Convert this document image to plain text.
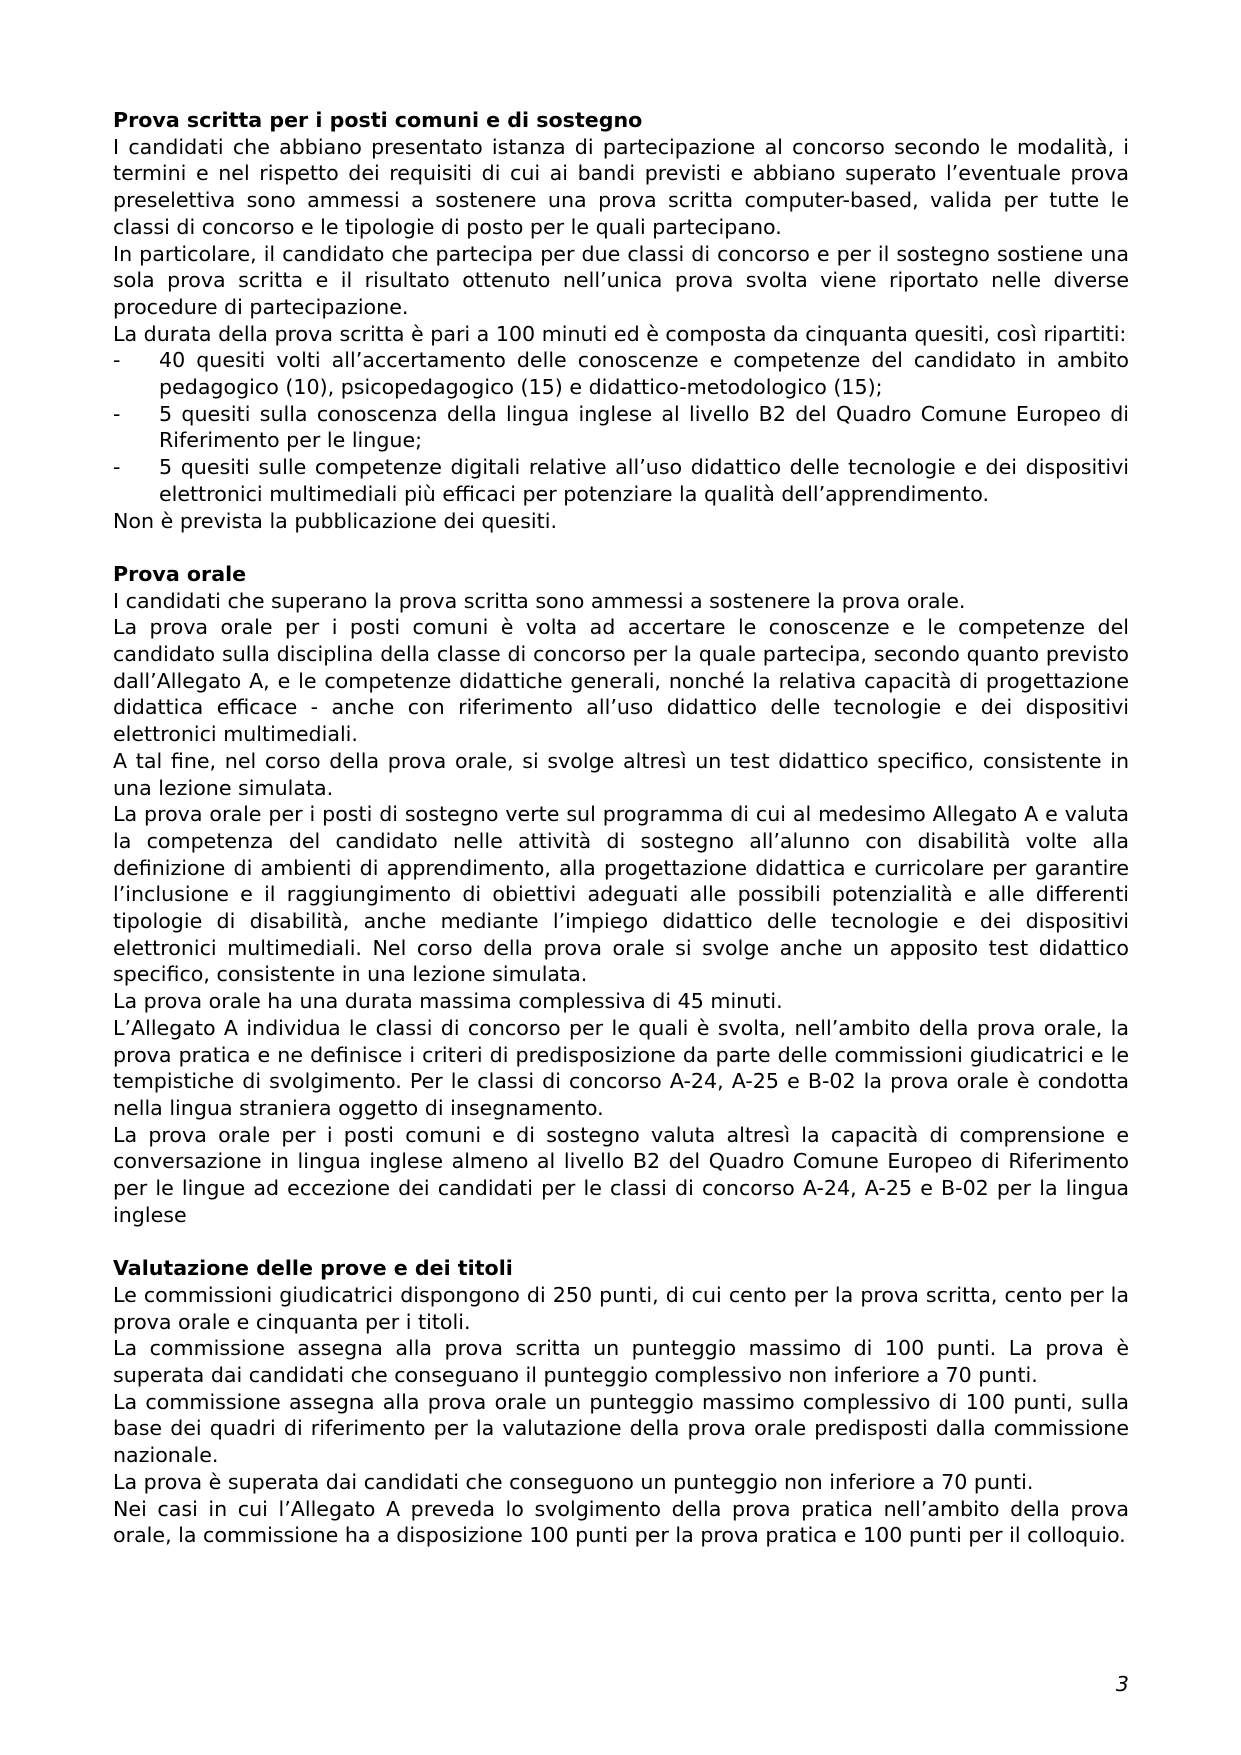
Prova scritta per i posti comuni e di sostegno

I candidati che abbiano presentato istanza di partecipazione al concorso secondo le modalità, i termini e nel rispetto dei requisiti di cui ai bandi previsti e abbiano superato l’eventuale prova preselettiva sono ammessi a sostenere una prova scritta computer-based, valida per tutte le classi di concorso e le tipologie di posto per le quali partecipano.

In particolare, il candidato che partecipa per due classi di concorso e per il sostegno sostiene una sola prova scritta e il risultato ottenuto nell’unica prova svolta viene riportato nelle diverse procedure di partecipazione.

La durata della prova scritta è pari a 100 minuti ed è composta da cinquanta quesiti, così ripartiti:

- 40 quesiti volti all’accertamento delle conoscenze e competenze del candidato in ambito pedagogico (10), psicopedagogico (15) e didattico-metodologico (15);
- 5 quesiti sulla conoscenza della lingua inglese al livello B2 del Quadro Comune Europeo di Riferimento per le lingue;
- 5 quesiti sulle competenze digitali relative all’uso didattico delle tecnologie e dei dispositivi elettronici multimediali più efficaci per potenziare la qualità dell’apprendimento.

Non è prevista la pubblicazione dei quesiti.

Prova orale

I candidati che superano la prova scritta sono ammessi a sostenere la prova orale.

La prova orale per i posti comuni è volta ad accertare le conoscenze e le competenze del candidato sulla disciplina della classe di concorso per la quale partecipa, secondo quanto previsto dall’Allegato A, e le competenze didattiche generali, nonché la relativa capacità di progettazione didattica efficace - anche con riferimento all’uso didattico delle tecnologie e dei dispositivi elettronici multimediali.

A tal fine, nel corso della prova orale, si svolge altresì un test didattico specifico, consistente in una lezione simulata.

La prova orale per i posti di sostegno verte sul programma di cui al medesimo Allegato A e valuta la competenza del candidato nelle attività di sostegno all’alunno con disabilità volte alla definizione di ambienti di apprendimento, alla progettazione didattica e curricolare per garantire l’inclusione e il raggiungimento di obiettivi adeguati alle possibili potenzialità e alle differenti tipologie di disabilità, anche mediante l’impiego didattico delle tecnologie e dei dispositivi elettronici multimediali. Nel corso della prova orale si svolge anche un apposito test didattico specifico, consistente in una lezione simulata.

La prova orale ha una durata massima complessiva di 45 minuti.

L’Allegato A individua le classi di concorso per le quali è svolta, nell’ambito della prova orale, la prova pratica e ne definisce i criteri di predisposizione da parte delle commissioni giudicatrici e le tempistiche di svolgimento. Per le classi di concorso A-24, A-25 e B-02 la prova orale è condotta nella lingua straniera oggetto di insegnamento.

La prova orale per i posti comuni e di sostegno valuta altresì la capacità di comprensione e conversazione in lingua inglese almeno al livello B2 del Quadro Comune Europeo di Riferimento per le lingue ad eccezione dei candidati per le classi di concorso A-24, A-25 e B-02 per la lingua inglese

Valutazione delle prove e dei titoli

Le commissioni giudicatrici dispongono di 250 punti, di cui cento per la prova scritta, cento per la prova orale e cinquanta per i titoli.

La commissione assegna alla prova scritta un punteggio massimo di 100 punti. La prova è superata dai candidati che conseguano il punteggio complessivo non inferiore a 70 punti.

La commissione assegna alla prova orale un punteggio massimo complessivo di 100 punti, sulla base dei quadri di riferimento per la valutazione della prova orale predisposti dalla commissione nazionale.

La prova è superata dai candidati che conseguono un punteggio non inferiore a 70 punti.

Nei casi in cui l’Allegato A preveda lo svolgimento della prova pratica nell’ambito della prova orale, la commissione ha a disposizione 100 punti per la prova pratica e 100 punti per il colloquio.

3
